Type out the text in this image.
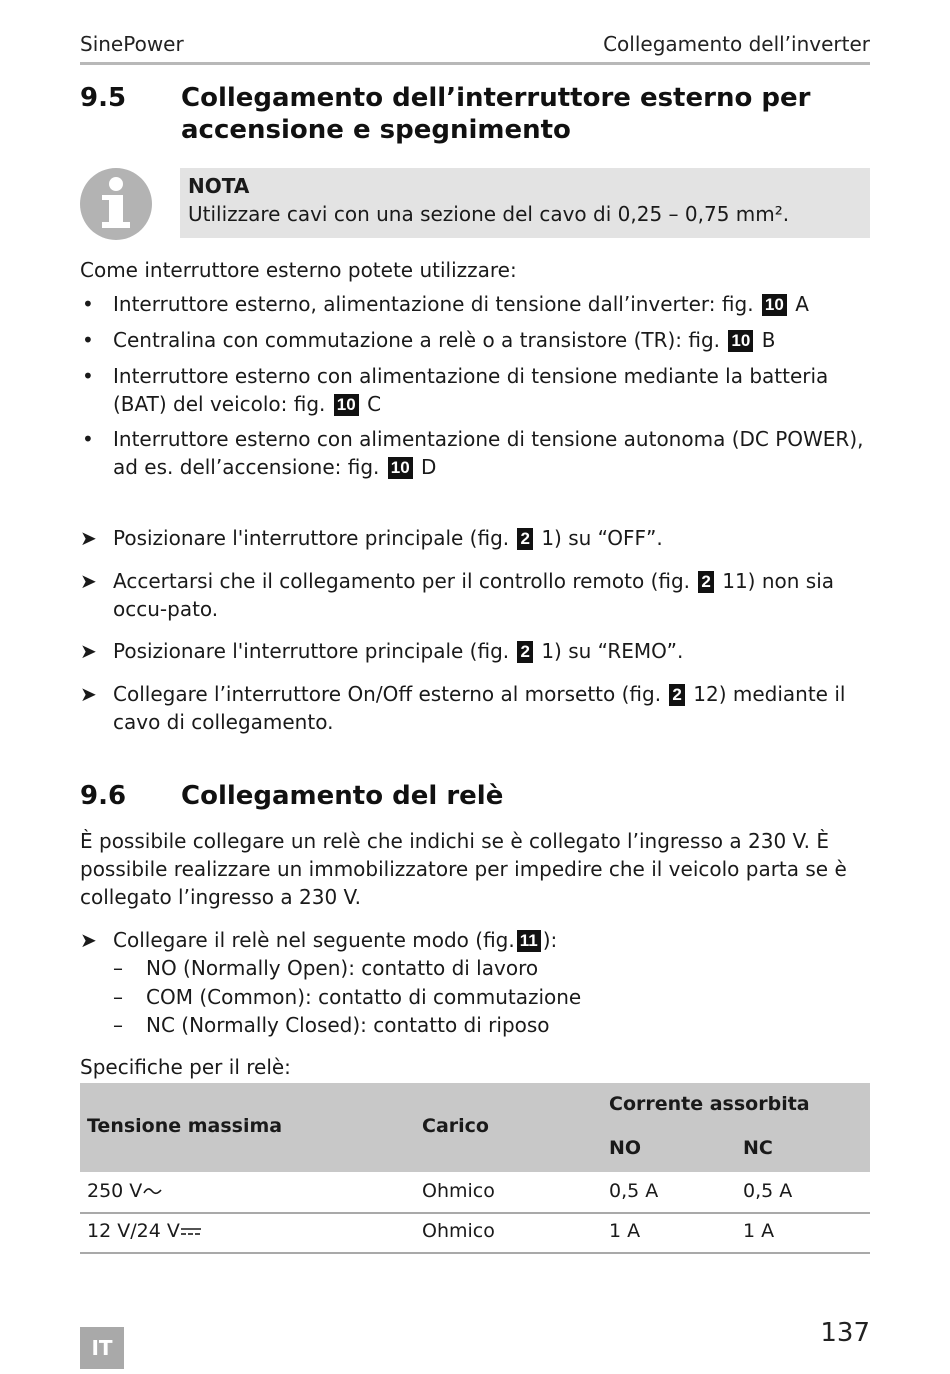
SinePower	Collegamento dell’inverter
9.5 Collegamento dell’interruttore esterno per accensione e spegnimento
NOTA
Utilizzare cavi con una sezione del cavo di 0,25 – 0,75 mm².
Come interruttore esterno potete utilizzare:
• Interruttore esterno, alimentazione di tensione dall’inverter: fig. 10 A
• Centralina con commutazione a relè o a transistore (TR): fig. 10 B
• Interruttore esterno con alimentazione di tensione mediante la batteria (BAT) del veicolo: fig. 10 C
• Interruttore esterno con alimentazione di tensione autonoma (DC POWER), ad es. dell’accensione: fig. 10 D
➤ Posizionare l'interruttore principale (fig. 2 1) su “OFF”.
➤ Accertarsi che il collegamento per il controllo remoto (fig. 2 11) non sia occu-pato.
➤ Posizionare l'interruttore principale (fig. 2 1) su “REMO”.
➤ Collegare l’interruttore On/Off esterno al morsetto (fig. 2 12) mediante il cavo di collegamento.
9.6 Collegamento del relè
È possibile collegare un relè che indichi se è collegato l’ingresso a 230 V. È possibile realizzare un immobilizzatore per impedire che il veicolo parta se è collegato l’ingresso a 230 V.
➤ Collegare il relè nel seguente modo (fig. 11 ):
– NO (Normally Open): contatto di lavoro
– COM (Common): contatto di commutazione
– NC (Normally Closed): contatto di riposo
Specifiche per il relè:
Tensione massima	Carico
Corrente assorbita
NO	NC
250 V	Ohmico	0,5 A	0,5 A
12 V/24 V	Ohmico	1 A	1 A
137
IT
